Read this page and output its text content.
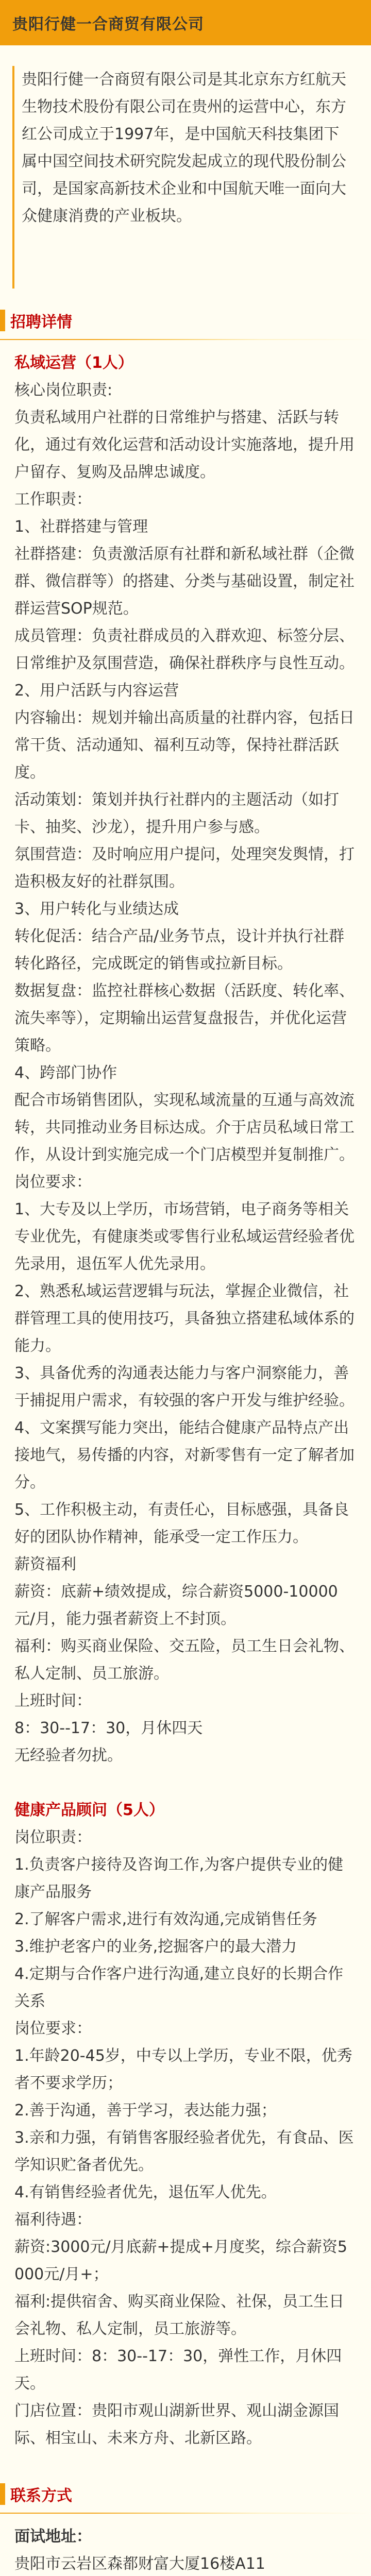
贵阳行健一合商贸有限公司
贵阳行健一合商贸有限公司是其北京东方红航天生物技术股份有限公司在贵州的运营中心，东方红公司成立于1997年，是中国航天科技集团下属中国空间技术研究院发起成立的现代股份制公司，是国家高新技术企业和中国航天唯一面向大众健康消费的产业板块。
招聘详情
私域运营（1人）
核心岗位职责:
负责私域用户社群的日常维护与搭建、活跃与转化，通过有效化运营和活动设计实施落地，提升用户留存、复购及品牌忠诚度。
工作职责：
1、社群搭建与管理
社群搭建：负责激活原有社群和新私域社群（企微群、微信群等）的搭建、分类与基础设置，制定社群运营SOP规范。
成员管理：负责社群成员的入群欢迎、标签分层、日常维护及氛围营造，确保社群秩序与良性互动。
2、用户活跃与内容运营
内容输出：规划并输出高质量的社群内容，包括日常干货、活动通知、福利互动等，保持社群活跃度。
活动策划：策划并执行社群内的主题活动（如打卡、抽奖、沙龙），提升用户参与感。
氛围营造：及时响应用户提问，处理突发舆情，打造积极友好的社群氛围。
3、用户转化与业绩达成
转化促活：结合产品/业务节点，设计并执行社群转化路径，完成既定的销售或拉新目标。
数据复盘：监控社群核心数据（活跃度、转化率、流失率等），定期输出运营复盘报告，并优化运营策略。
4、跨部门协作
配合市场销售团队，实现私域流量的互通与高效流转，共同推动业务目标达成。介于店员私域日常工作，从设计到实施完成一个门店模型并复制推广。
岗位要求：
1、大专及以上学历，市场营销，电子商务等相关专业优先，有健康类或零售行业私域运营经验者优先录用，退伍军人优先录用。
2、熟悉私域运营逻辑与玩法，掌握企业微信，社群管理工具的使用技巧，具备独立搭建私域体系的能力。
3、具备优秀的沟通表达能力与客户洞察能力，善于捕捉用户需求，有较强的客户开发与维护经验。
4、文案撰写能力突出，能结合健康产品特点产出接地气，易传播的内容，对新零售有一定了解者加分。
5、工作积极主动，有责任心，目标感强，具备良好的团队协作精神，能承受一定工作压力。
薪资福利
薪资：底薪+绩效提成，综合薪资5000-10000元/月，能力强者薪资上不封顶。
福利：购买商业保险、交五险，员工生日会礼物、私人定制、员工旅游。
上班时间：
8：30--17：30，月休四天
无经验者勿扰。
健康产品顾问（5人）
岗位职责：
1.负责客户接待及咨询工作,为客户提供专业的健康产品服务
2.了解客户需求,进行有效沟通,完成销售任务
3.维护老客户的业务,挖掘客户的最大潜力
4.定期与合作客户进行沟通,建立良好的长期合作关系
岗位要求：
1.年龄20-45岁，中专以上学历，专业不限，优秀者不要求学历；
2.善于沟通，善于学习，表达能力强；
3.亲和力强，有销售客服经验者优先，有食品、医学知识贮备者优先。
4.有销售经验者优先，退伍军人优先。
福利待遇：
薪资:3000元/月底薪+提成+月度奖，综合薪资5000元/月+；
福利:提供宿舍、购买商业保险、社保，员工生日会礼物、私人定制，员工旅游等。
上班时间：8：30--17：30，弹性工作，月休四天。
门店位置：贵阳市观山湖新世界、观山湖金源国际、相宝山、未来方舟、北新区路。
联系方式
面试地址：
贵阳市云岩区森都财富大厦16楼A11
